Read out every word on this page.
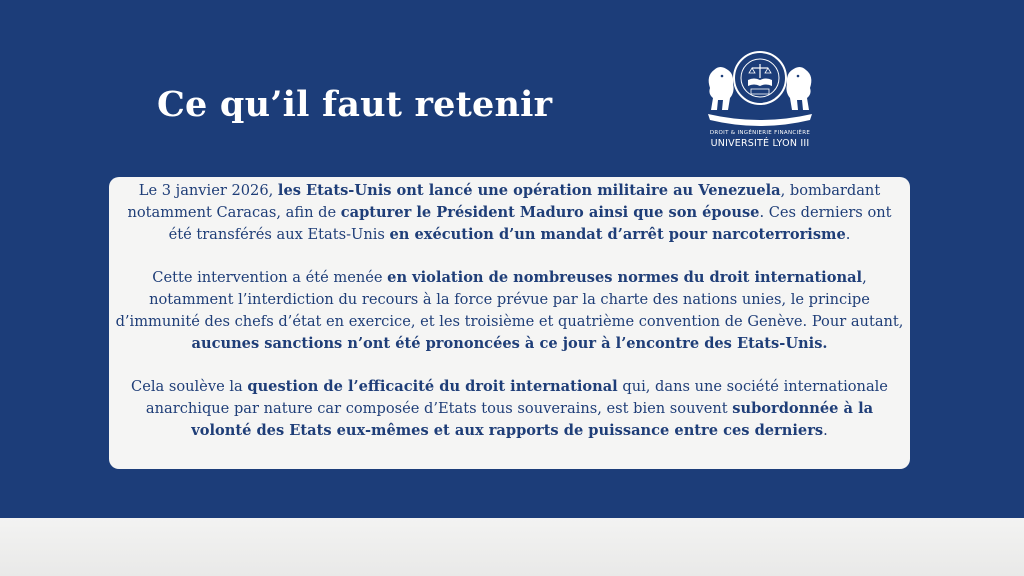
Ce qu’il faut retenir
DROIT & INGÉNIERIE FINANCIÈRE
UNIVERSITÉ LYON III

Le 3 janvier 2026, les Etats-Unis ont lancé une opération militaire au Venezuela, bombardant notamment Caracas, afin de capturer le Président Maduro ainsi que son épouse. Ces derniers ont été transférés aux Etats-Unis en exécution d’un mandat d’arrêt pour narcoterrorisme.

Cette intervention a été menée en violation de nombreuses normes du droit international, notamment l’interdiction du recours à la force prévue par la charte des nations unies, le principe d’immunité des chefs d’état en exercice, et les troisième et quatrième convention de Genève. Pour autant, aucunes sanctions n’ont été prononcées à ce jour à l’encontre des Etats-Unis.

Cela soulève la question de l’efficacité du droit international qui, dans une société internationale anarchique par nature car composée d’Etats tous souverains, est bien souvent subordonnée à la volonté des Etats eux-mêmes et aux rapports de puissance entre ces derniers.
